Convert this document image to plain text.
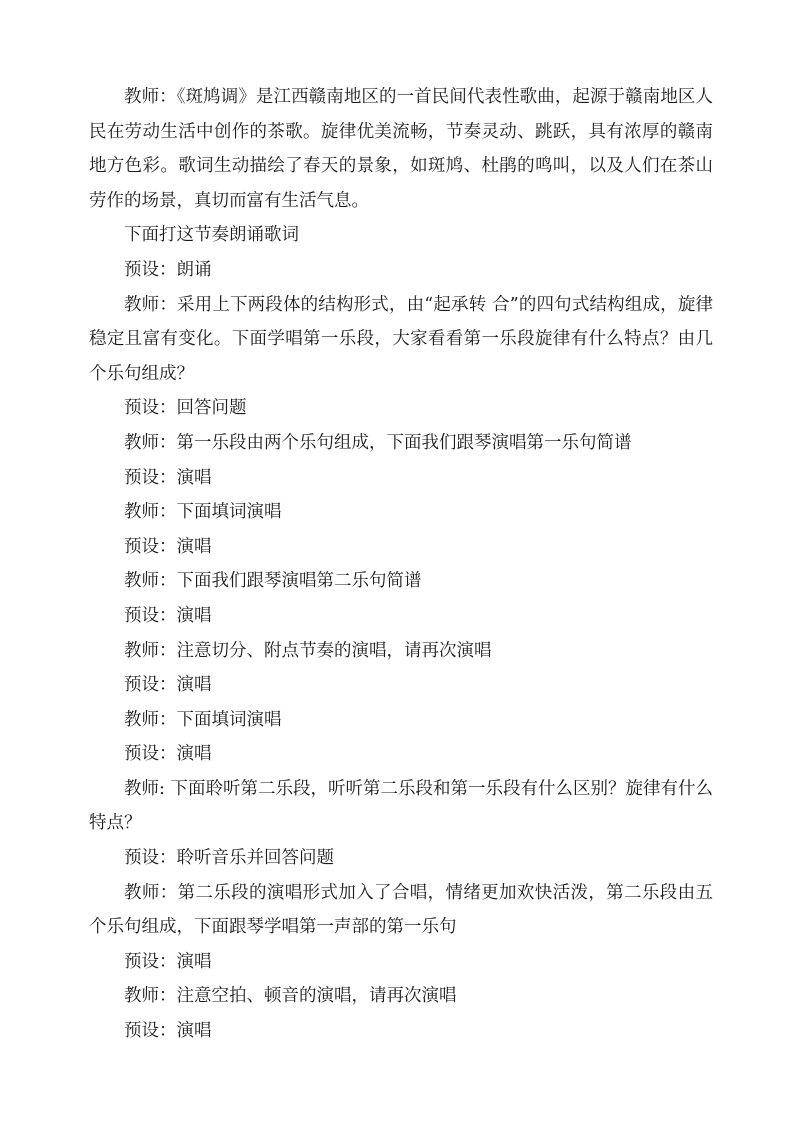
教师：《斑鸠调》是江西赣南地区的一首民间代表性歌曲，起源于赣南地区人民在劳动生活中创作的茶歌。旋律优美流畅，节奏灵动、跳跃，具有浓厚的赣南地方色彩。歌词生动描绘了春天的景象，如斑鸠、杜鹃的鸣叫，以及人们在茶山劳作的场景，真切而富有生活气息。

下面打这节奏朗诵歌词

预设：朗诵

教师：采用上下两段体的结构形式，由“起承转 合”的四句式结构组成，旋律稳定且富有变化。下面学唱第一乐段，大家看看第一乐段旋律有什么特点？由几个乐句组成？

预设：回答问题

教师：第一乐段由两个乐句组成，下面我们跟琴演唱第一乐句简谱

预设：演唱

教师：下面填词演唱

预设：演唱

教师：下面我们跟琴演唱第二乐句简谱

预设：演唱

教师：注意切分、附点节奏的演唱，请再次演唱

预设：演唱

教师：下面填词演唱

预设：演唱

教师: 下面聆听第二乐段，听听第二乐段和第一乐段有什么区别？旋律有什么特点？

预设：聆听音乐并回答问题

教师：第二乐段的演唱形式加入了合唱，情绪更加欢快活泼，第二乐段由五个乐句组成，下面跟琴学唱第一声部的第一乐句

预设：演唱

教师：注意空拍、顿音的演唱，请再次演唱

预设：演唱
